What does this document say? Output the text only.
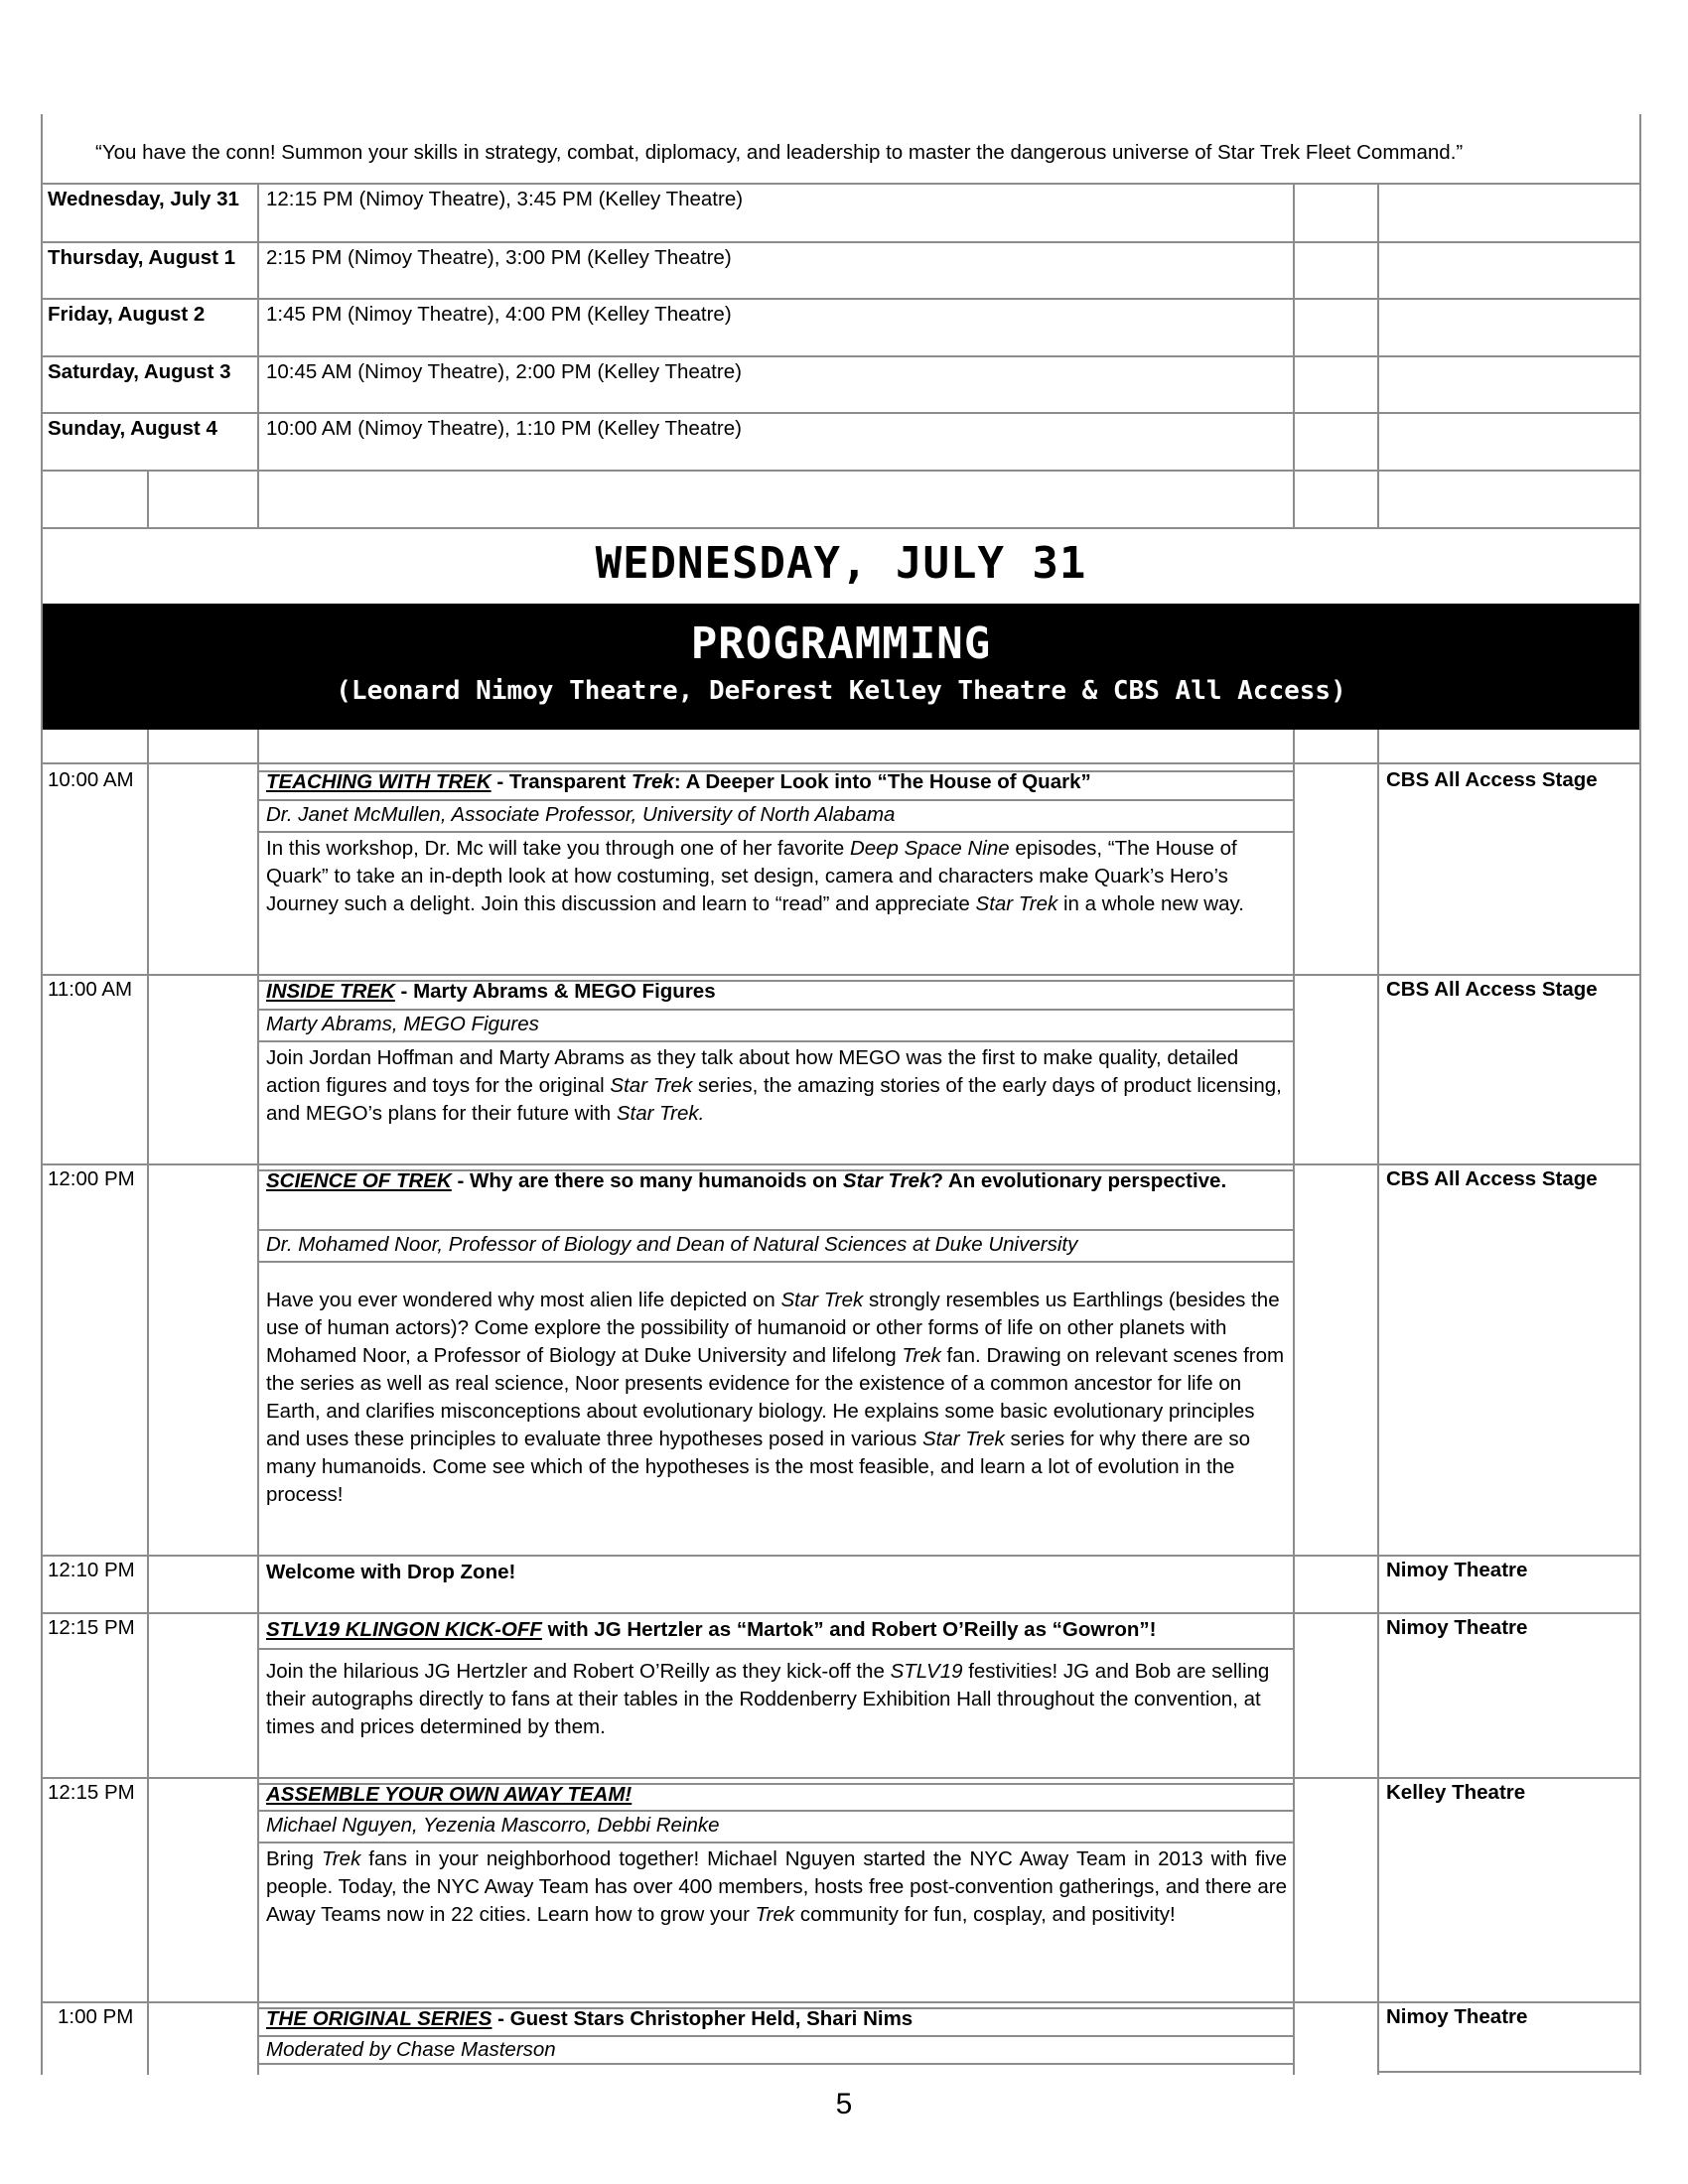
“You have the conn! Summon your skills in strategy, combat, diplomacy, and leadership to master the dangerous universe of Star Trek Fleet Command.”
Wednesday, July 31	12:15 PM (Nimoy Theatre), 3:45 PM (Kelley Theatre)
Thursday, August 1 2:15 PM (Nimoy Theatre), 3:00 PM (Kelley Theatre)
Friday, August 2	1:45 PM (Nimoy Theatre), 4:00 PM (Kelley Theatre)
Saturday, August 3 10:45 AM (Nimoy Theatre), 2:00 PM (Kelley Theatre)
Sunday, August 4 10:00 AM (Nimoy Theatre), 1:10 PM (Kelley Theatre)
WEDNESDAY, JULY 31
PROGRAMMING
(Leonard Nimoy Theatre, DeForest Kelley Theatre & CBS All Access)
10:00 AM	TEACHING WITH TREK - Transparent Trek: A Deeper Look into “The House of Quark”
Dr. Janet McMullen, Associate Professor, University of North Alabama
In this workshop, Dr. Mc will take you through one of her favorite Deep Space Nine episodes, “The House of Quark” to take an in-depth look at how costuming, set design, camera and characters make Quark’s Hero’s Journey such a delight. Join this discussion and learn to “read” and appreciate Star Trek in a whole new way.
CBS All Access Stage
11:00 AM	INSIDE TREK - Marty Abrams & MEGO Figures
Marty Abrams, MEGO Figures
Join Jordan Hoffman and Marty Abrams as they talk about how MEGO was the first to make quality, detailed action figures and toys for the original Star Trek series, the amazing stories of the early days of product licensing, and MEGO’s plans for their future with Star Trek.
CBS All Access Stage
12:00 PM	SCIENCE OF TREK - Why are there so many humanoids on Star Trek? An evolutionary perspective.
Dr. Mohamed Noor, Professor of Biology and Dean of Natural Sciences at Duke University
Have you ever wondered why most alien life depicted on Star Trek strongly resembles us Earthlings (besides the use of human actors)? Come explore the possibility of humanoid or other forms of life on other planets with Mohamed Noor, a Professor of Biology at Duke University and lifelong Trek fan. Drawing on relevant scenes from the series as well as real science, Noor presents evidence for the existence of a common ancestor for life on Earth, and clarifies misconceptions about evolutionary biology. He explains some basic evolutionary principles and uses these principles to evaluate three hypotheses posed in various Star Trek series for why there are so many humanoids. Come see which of the hypotheses is the most feasible, and learn a lot of evolution in the process!
CBS All Access Stage
12:10 PM	Welcome with Drop Zone!	Nimoy Theatre
12:15 PM	STLV19 KLINGON KICK-OFF with JG Hertzler as “Martok” and Robert O’Reilly as “Gowron”!
Join the hilarious JG Hertzler and Robert O’Reilly as they kick-off the STLV19 festivities! JG and Bob are selling their autographs directly to fans at their tables in the Roddenberry Exhibition Hall throughout the convention, at times and prices determined by them.
Nimoy Theatre
12:15 PM	ASSEMBLE YOUR OWN AWAY TEAM!
Michael Nguyen, Yezenia Mascorro, Debbi Reinke
Bring Trek fans in your neighborhood together! Michael Nguyen started the NYC Away Team in 2013 with five people. Today, the NYC Away Team has over 400 members, hosts free post-convention gatherings, and there are Away Teams now in 22 cities. Learn how to grow your Trek community for fun, cosplay, and positivity!
Kelley Theatre
1:00 PM	THE ORIGINAL SERIES - Guest Stars Christopher Held, Shari Nims
Moderated by Chase Masterson
Nimoy Theatre
5
